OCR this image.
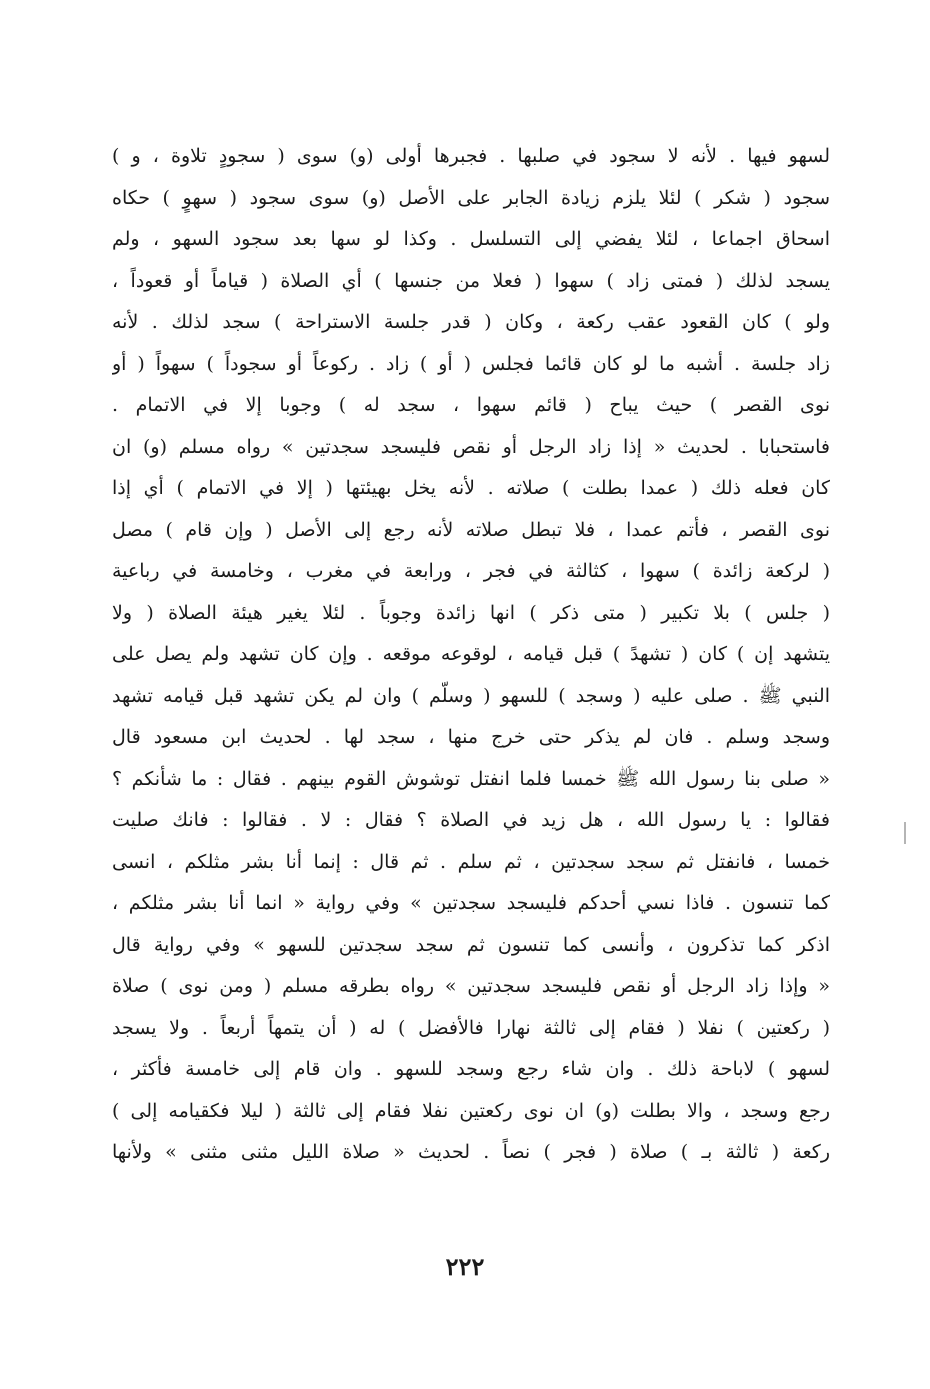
لسهو فيها . لأنه لا سجود في صلبها . فجبرها أولى (و) سوى ( سجودٍ تلاوة ، و )
سجود ( شكر ) لئلا يلزم زيادة الجابر على الأصل (و) سوى سجود ( سهوٍ ) حكاه
اسحاق اجماعا ، لئلا يفضي إلى التسلسل . وكذا لو سها بعد سجود السهو ، ولم
يسجد لذلك ( فمتى زاد ) سهوا ( فعلا من جنسها ) أي الصلاة ( قياماً أو قعوداً ،
ولو ) كان القعود عقب ركعة ، وكان ( قدر جلسة الاستراحة ) سجد لذلك . لأنه
زاد جلسة . أشبه ما لو كان قائما فجلس ( أو ) زاد . ركوعاً أو سجوداً ) سهواً ( أو
نوى القصر ) حيث يباح ( قائم سهوا ، سجد له ) وجوبا إلا في الاتمام .
فاستحبابا . لحديث « إذا زاد الرجل أو نقص فليسجد سجدتين » رواه مسلم (و) ان
كان فعله ذلك ( عمدا بطلت ) صلاته . لأنه يخل بهيئتها ( إلا في الاتمام ) أي إذا
نوى القصر ، فأتم عمدا ، فلا تبطل صلاته لأنه رجع إلى الأصل ( وإن قام ) مصل
( لركعة زائدة ) سهوا ، كثالثة في فجر ، ورابعة في مغرب ، وخامسة في رباعية
( جلس ) بلا تكبير ( متى ذكر ) انها زائدة وجوباً . لئلا يغير هيئة الصلاة ( ولا
يتشهد إن ) كان ( تشهدً ) قبل قيامه ، لوقوعه موقعه . وإن كان تشهد ولم يصل على
النبي ﷺ . صلى عليه ( وسجد ) للسهو ( وسلّم ) وان لم يكن تشهد قبل قيامه تشهد
وسجد وسلم . فان لم يذكر حتى خرج منها ، سجد لها . لحديث ابن مسعود قال
« صلى بنا رسول الله ﷺ خمسا فلما انفتل توشوش القوم بينهم . فقال : ما شأنكم ؟
فقالوا : يا رسول الله ، هل زيد في الصلاة ؟ فقال : لا . فقالوا : فانك صليت
خمسا ، فانفتل ثم سجد سجدتين ، ثم سلم . ثم قال : إنما أنا بشر مثلكم ، انسى
كما تنسون . فاذا نسي أحدكم فليسجد سجدتين » وفي رواية « انما أنا بشر مثلكم ،
اذكر كما تذكرون ، وأنسى كما تنسون ثم سجد سجدتين للسهو » وفي رواية قال
« وإذا زاد الرجل أو نقص فليسجد سجدتين » رواه بطرقه مسلم ( ومن نوى ) صلاة
( ركعتين ) نفلا ( فقام إلى ثالثة نهارا فالأفضل ) له ( أن يتمهاً أربعاً . ولا يسجد
لسهو ) لاباحة ذلك . وان شاء رجع وسجد للسهو . وان قام إلى خامسة فأكثر ،
رجع وسجد ، والا بطلت (و) ان نوى ركعتين نفلا فقام إلى ثالثة ( ليلا فكقيامه إلى )
ركعة ( ثالثة بـ ) صلاة ( فجر ) نصاً . لحديث « صلاة الليل مثنى مثنى » ولأنها
٢٢٢
